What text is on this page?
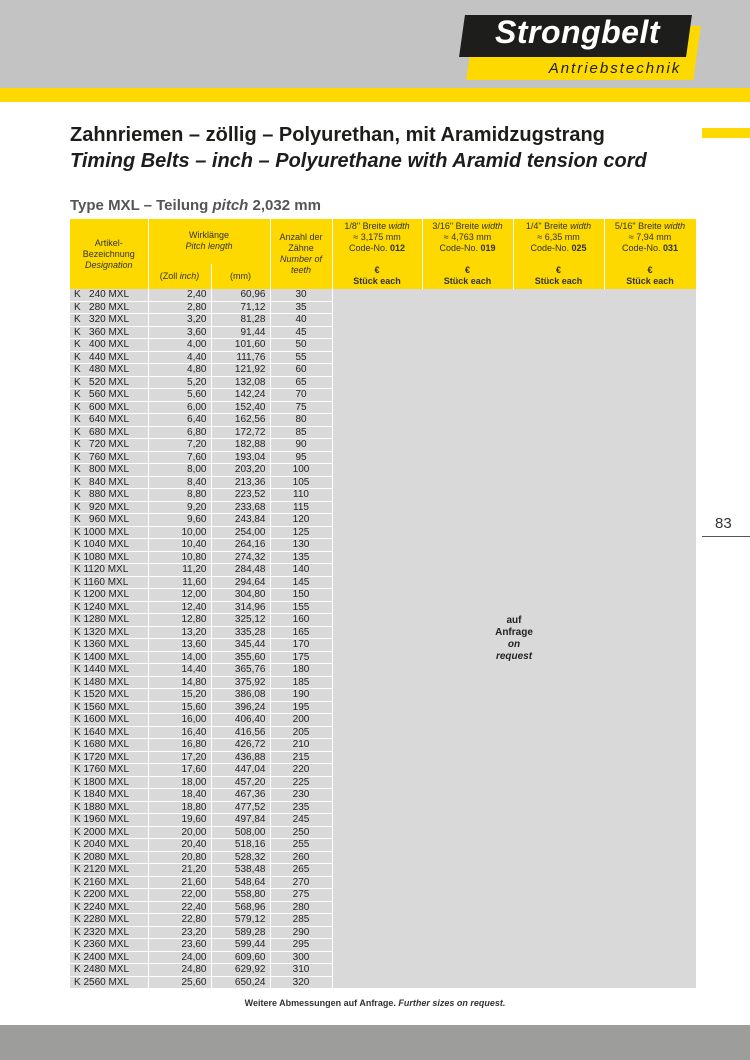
Strongbelt
Antriebstechnik
Zahnriemen – zöllig – Polyurethan, mit Aramidzugstrang
Timing Belts – inch – Polyurethane with Aramid tension cord
Type MXL – Teilung pitch 2,032 mm
Artikel-Bezeichnung
Designation	Wirklänge
Pitch length		Anzahl der Zähne
Number of teeth	1/8" Breite width
≈ 3,175 mm
Code-No. 012

€
Stück each	3/16" Breite width
≈ 4,763 mm
Code-No. 019

€
Stück each	1/4" Breite width
≈ 6,35 mm
Code-No. 025

€
Stück each	5/16" Breite width
≈ 7,94 mm
Code-No. 031

€
Stück each
	(Zoll inch)	(mm)					
K   240 MXL	2,40	60,96	30	auf
Anfrage
on
request			
K   280 MXL	2,80	71,12	35				
K   320 MXL	3,20	81,28	40				
K   360 MXL	3,60	91,44	45				
K   400 MXL	4,00	101,60	50				
K   440 MXL	4,40	111,76	55				
K   480 MXL	4,80	121,92	60				
K   520 MXL	5,20	132,08	65				
K   560 MXL	5,60	142,24	70				
K   600 MXL	6,00	152,40	75				
K   640 MXL	6,40	162,56	80				
K   680 MXL	6,80	172,72	85				
K   720 MXL	7,20	182,88	90				
K   760 MXL	7,60	193,04	95				
K   800 MXL	8,00	203,20	100				
K   840 MXL	8,40	213,36	105				
K   880 MXL	8,80	223,52	110				
K   920 MXL	9,20	233,68	115				
K   960 MXL	9,60	243,84	120				
K 1000 MXL	10,00	254,00	125				
K 1040 MXL	10,40	264,16	130				
K 1080 MXL	10,80	274,32	135				
K 1120 MXL	11,20	284,48	140				
K 1160 MXL	11,60	294,64	145				
K 1200 MXL	12,00	304,80	150				
K 1240 MXL	12,40	314,96	155				
K 1280 MXL	12,80	325,12	160				
K 1320 MXL	13,20	335,28	165				
K 1360 MXL	13,60	345,44	170				
K 1400 MXL	14,00	355,60	175				
K 1440 MXL	14,40	365,76	180				
K 1480 MXL	14,80	375,92	185				
K 1520 MXL	15,20	386,08	190				
K 1560 MXL	15,60	396,24	195				
K 1600 MXL	16,00	406,40	200				
K 1640 MXL	16,40	416,56	205				
K 1680 MXL	16,80	426,72	210				
K 1720 MXL	17,20	436,88	215				
K 1760 MXL	17,60	447,04	220				
K 1800 MXL	18,00	457,20	225				
K 1840 MXL	18,40	467,36	230				
K 1880 MXL	18,80	477,52	235				
K 1960 MXL	19,60	497,84	245				
K 2000 MXL	20,00	508,00	250				
K 2040 MXL	20,40	518,16	255				
K 2080 MXL	20,80	528,32	260				
K 2120 MXL	21,20	538,48	265				
K 2160 MXL	21,60	548,64	270				
K 2200 MXL	22,00	558,80	275				
K 2240 MXL	22,40	568,96	280				
K 2280 MXL	22,80	579,12	285				
K 2320 MXL	23,20	589,28	290				
K 2360 MXL	23,60	599,44	295				
K 2400 MXL	24,00	609,60	300				
K 2480 MXL	24,80	629,92	310				
K 2560 MXL	25,60	650,24	320				
83
Weitere Abmessungen auf Anfrage. Further sizes on request.
